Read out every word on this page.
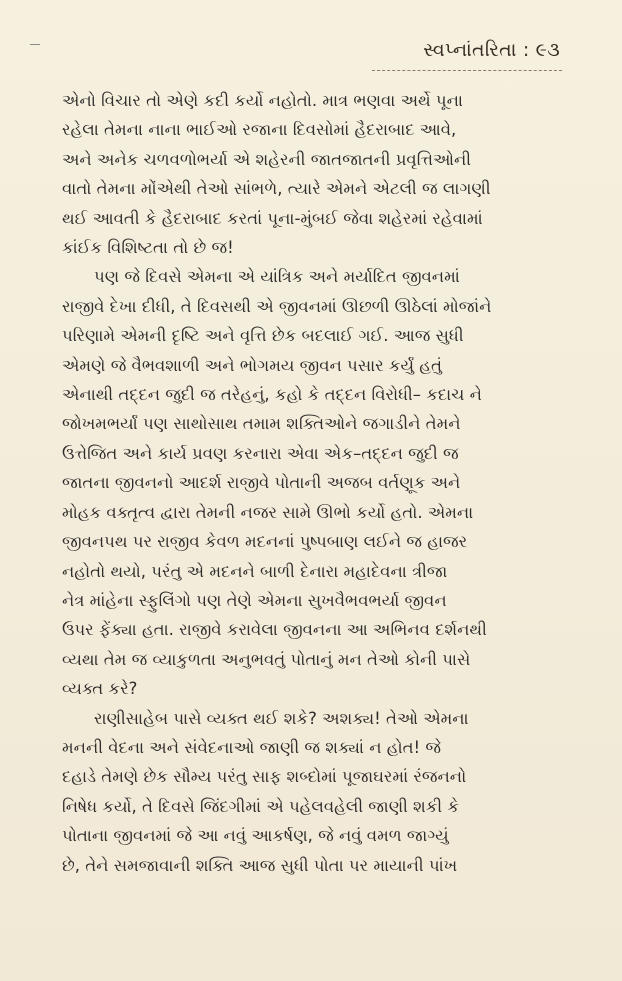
સ્વપ્નાંતરિતા : ૯૩
એનો વિચાર તો એણે કદી કર્યો નહોતો. માત્ર ભણવા અર્થે પૂના
રહેલા તેમના નાના ભાઈઓ રજાના દિવસોમાં હૈદરાબાદ આવે,
અને અનેક ચળવળોભર્યા એ શહેરની જાતજાતની પ્રવૃત્તિઓની
વાતો તેમના મોંએથી તેઓ સાંભળે, ત્યારે એમને એટલી જ લાગણી
થઈ આવતી કે હૈદરાબાદ કરતાં પૂના-મુંબઈ જેવા શહેરમાં રહેવામાં
કાંઈક વિશિષ્ટતા તો છે જ!
પણ જે દિવસે એમના એ યાંત્રિક અને મર્યાદિત જીવનમાં
રાજીવે દેખા દીધી, તે દિવસથી એ જીવનમાં ઊછળી ઊઠેલાં મોજાંને
પરિણામે એમની દૃષ્ટિ અને વૃત્તિ છેક બદલાઈ ગઈ. આજ સુધી
એમણે જે વૈભવશાળી અને ભોગમય જીવન પસાર કર્યું હતું
એનાથી તદ્દન જુદી જ તરેહનું, કહો કે તદ્દન વિરોધી– કદાચ ને
જોખમભર્યાં પણ સાથોસાથ તમામ શક્તિઓને જગાડીને તેમને
ઉત્તેજિત અને કાર્ય પ્રવણ કરનારા એવા એક–તદ્દન જુદી જ
જાતના જીવનનો આદર્શ રાજીવે પોતાની અજબ વર્તણૂક અને
મોહક વક્તૃત્વ દ્વારા તેમની નજર સામે ઊભો કર્યો હતો. એમના
જીવનપથ પર રાજીવ કેવળ મદનનાં પુષ્પબાણ લઈને જ હાજર
નહોતો થયો, પરંતુ એ મદનને બાળી દેનારા મહાદેવના ત્રીજા
નેત્ર માંહેના સ્ફુલિંગો પણ તેણે એમના સુખવૈભવભર્યા જીવન
ઉપર ફેંક્યા હતા. રાજીવે કરાવેલા જીવનના આ અભિનવ દર્શનથી
વ્યથા તેમ જ વ્યાકુળતા અનુભવતું પોતાનું મન તેઓ કોની પાસે
વ્યક્ત કરે?
રાણીસાહેબ પાસે વ્યક્ત થઈ શકે? અશક્ય! તેઓ એમના
મનની વેદના અને સંવેદનાઓ જાણી જ શક્યાં ન હોત! જે
દહાડે તેમણે છેક સૌમ્ય પરંતુ સાફ શબ્દોમાં પૂજાઘરમાં રંજનનો
નિષેધ કર્યો, તે દિવસે જિંદગીમાં એ પહેલવહેલી જાણી શકી કે
પોતાના જીવનમાં જે આ નવું આકર્ષણ, જે નવું વમળ જાગ્યું
છે, તેને સમજાવાની શક્તિ આજ સુધી પોતા પર માયાની પાંખ
